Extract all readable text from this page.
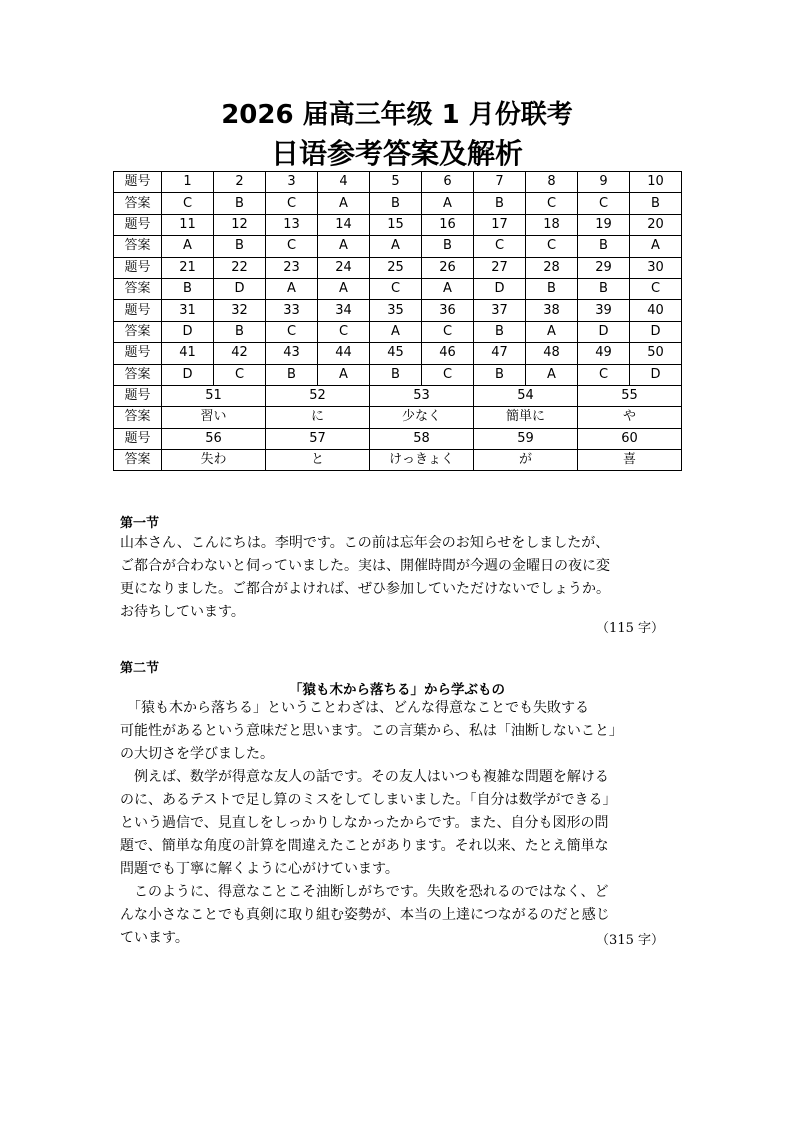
2026 届高三年级 1 月份联考
日语参考答案及解析
题号	1	2	3	4	5	6	7	8	9	10
答案	C	B	C	A	B	A	B	C	C	B
题号	11	12	13	14	15	16	17	18	19	20
答案	A	B	C	A	A	B	C	C	B	A
题号	21	22	23	24	25	26	27	28	29	30
答案	B	D	A	A	C	A	D	B	B	C
题号	31	32	33	34	35	36	37	38	39	40
答案	D	B	C	C	A	C	B	A	D	D
题号	41	42	43	44	45	46	47	48	49	50
答案	D	C	B	A	B	C	B	A	C	D
题号	51		52		53		54		55	
答案	習い		に		少なく		簡単に		や	
题号	56		57		58		59		60	
答案	失わ		と		けっきょく		が		喜	
第一节
山本さん、こんにちは。李明です。この前は忘年会のお知らせをしましたが、
ご都合が合わないと伺っていました。実は、開催時間が今週の金曜日の夜に変
更になりました。ご都合がよければ、ぜひ参加していただけないでしょうか。
お待ちしています。
（115 字）
第二节
「猿も木から落ちる」から学ぶもの
　「猿も木から落ちる」ということわざは、どんな得意なことでも失敗する
可能性があるという意味だと思います。この言葉から、私は「油断しないこと」
の大切さを学びました。
　例えば、数学が得意な友人の話です。その友人はいつも複雑な問題を解ける
のに、あるテストで足し算のミスをしてしまいました。「自分は数学ができる」
という過信で、見直しをしっかりしなかったからです。また、自分も図形の問
題で、簡単な角度の計算を間違えたことがあります。それ以来、たとえ簡単な
問題でも丁寧に解くように心がけています。
　このように、得意なことこそ油断しがちです。失敗を恐れるのではなく、ど
んな小さなことでも真剣に取り組む姿勢が、本当の上達につながるのだと感じ
ています。	（315 字）
